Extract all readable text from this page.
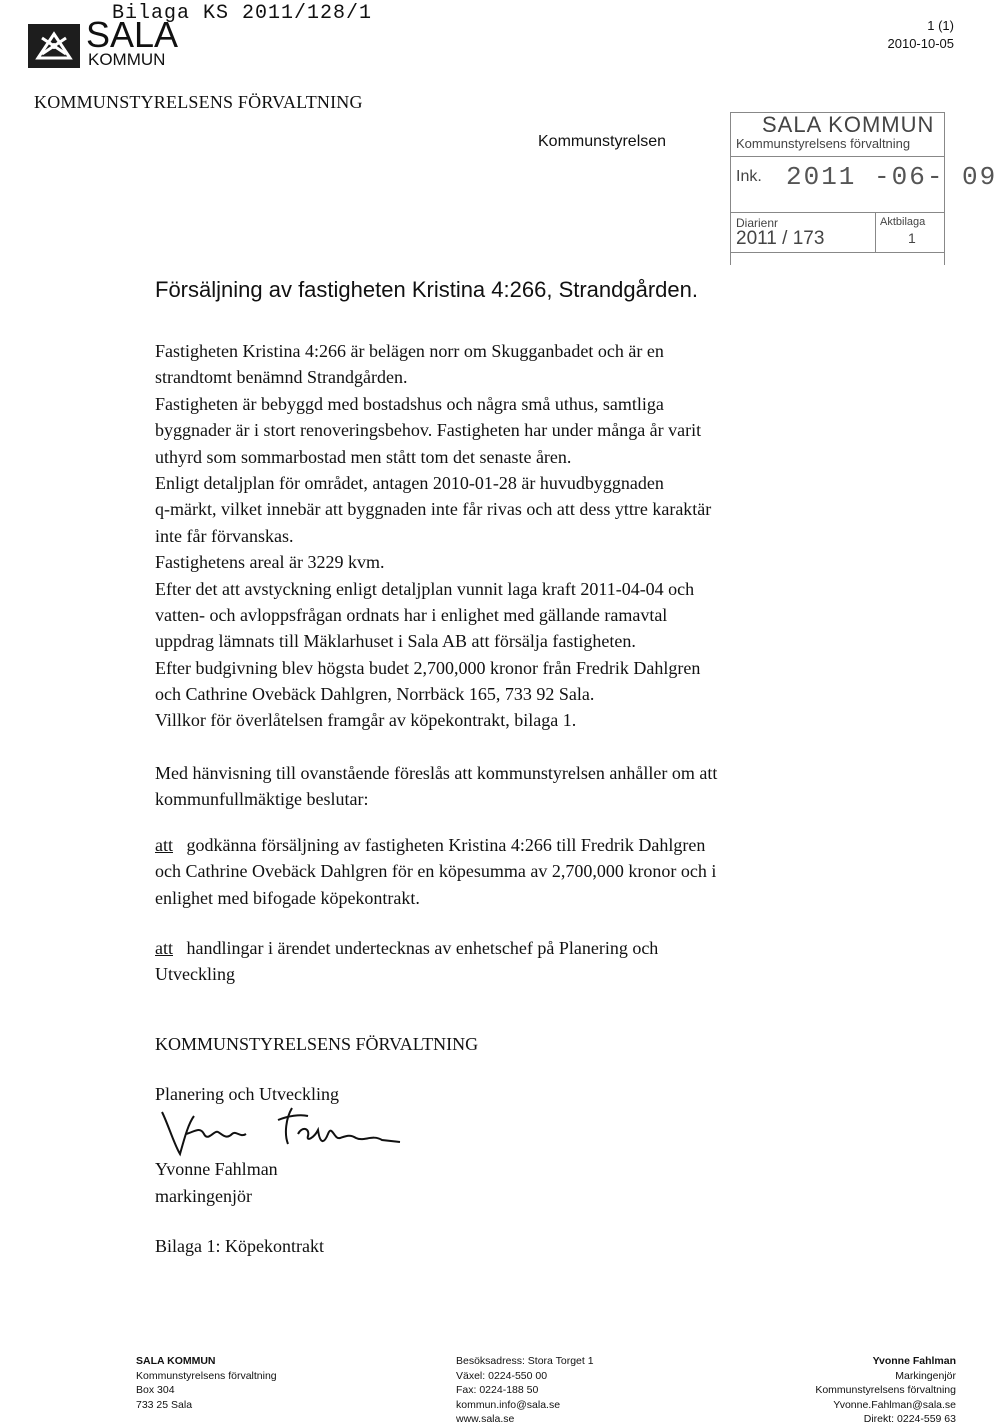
Bilaga KS 2011/128/1
SALA
KOMMUN
1 (1)
2010-10-05
KOMMUNSTYRELSENS FÖRVALTNING
Kommunstyrelsen
SALA KOMMUN
Kommunstyrelsens förvaltning
Ink. 2011 -06- 09
Diarienr
2011 / 173
Aktbilaga
1
Försäljning av fastigheten Kristina 4:266, Strandgården.
Fastigheten Kristina 4:266 är belägen norr om Skugganbadet och är en
strandtomt benämnd Strandgården.
Fastigheten är bebyggd med bostadshus och några små uthus, samtliga
byggnader är i stort renoveringsbehov. Fastigheten har under många år varit
uthyrd som sommarbostad men stått tom det senaste åren.
Enligt detaljplan för området, antagen 2010-01-28 är huvudbyggnaden
q-märkt, vilket innebär att byggnaden inte får rivas och att dess yttre karaktär
inte får förvanskas.
Fastighetens areal är 3229 kvm.
Efter det att avstyckning enligt detaljplan vunnit laga kraft 2011-04-04 och
vatten- och avloppsfrågan ordnats har i enlighet med gällande ramavtal
uppdrag lämnats till Mäklarhuset i Sala AB att försälja fastigheten.
Efter budgivning blev högsta budet 2,700,000 kronor från Fredrik Dahlgren
och Cathrine Ovebäck Dahlgren, Norrbäck 165, 733 92 Sala.
Villkor för överlåtelsen framgår av köpekontrakt, bilaga 1.
Med hänvisning till ovanstående föreslås att kommunstyrelsen anhåller om att
kommunfullmäktige beslutar:
att godkänna försäljning av fastigheten Kristina 4:266 till Fredrik Dahlgren
och Cathrine Ovebäck Dahlgren för en köpesumma av 2,700,000 kronor och i
enlighet med bifogade köpekontrakt.
att handlingar i ärendet undertecknas av enhetschef på Planering och
Utveckling
KOMMUNSTYRELSENS FÖRVALTNING
Planering och Utveckling
Yvonne Fahlman
markingenjör
Bilaga 1: Köpekontrakt
SALA KOMMUN
Kommunstyrelsens förvaltning
Box 304
733 25 Sala
Besöksadress: Stora Torget 1
Växel: 0224-550 00
Fax: 0224-188 50
kommun.info@sala.se
www.sala.se
Yvonne Fahlman
Markingenjör
Kommunstyrelsens förvaltning
Yvonne.Fahlman@sala.se
Direkt: 0224-559 63
